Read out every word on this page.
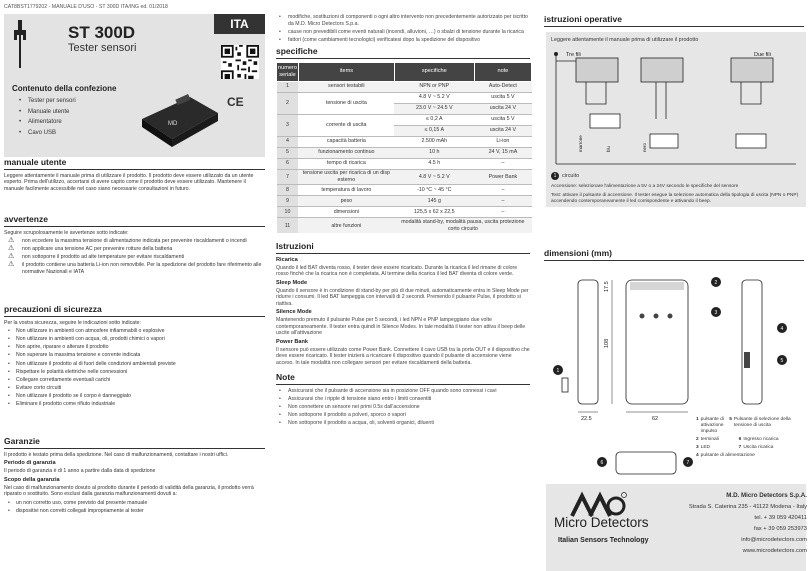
CAT8BST1779202 - MANUALE D'USO - ST 300D ITA/ING ed. 01/2018
ST 300D
Tester sensori
ITA
Contenuto della confezione
• Tester per sensori
• Manuale utente
• Alimentatore
• Cavo USB
MD
CE
manuale utente

Leggere attentamente il manuale prima di utilizzare il prodotto. Il prodotto deve essere utilizzato da un utente esperto. Prima dell'utilizzo, accertarsi di avere capito come il prodotto deve essere utilizzato. Mantenere il manuale facilmente accessibile nel caso siano necessarie consultazioni in futuro.

avvertenze

Seguire scrupolosamente le avvertenze sotto indicate:

⚠ non eccedere la massima tensione di alimentazione indicata per prevenire riscaldamenti o incendi
⚠ non applicare una tensione AC per prevenire rotture della batteria
⚠ non sottoporre il prodotto ad alte temperature per evitare riscaldamenti
⚠ il prodotto contiene una batteria Li-ion non removibile. Per la spedizione del prodotto fare riferimento alle normative Nazionali e IATA
precauzioni di sicurezza

Per la vostra sicurezza, seguire le indicazioni sotto indicate:

• Non utilizzare in ambienti con atmosfere infiammabili o esplosive
• Non utilizzare in ambienti con acqua, oli, prodotti chimici o vapori
• Non aprire, riparare o alterare il prodotto
• Non superare la massima tensione e corrente indicata
• Non utilizzare il prodotto al di fuori delle condizioni ambientali previste
• Rispettare le polarità elettriche nelle connessioni
• Collegare correttamente eventuali carichi
• Evitare corto circuiti
• Non utilizzare il prodotto se il corpo è danneggiato
• Eliminare il prodotto come rifiuto industriale
Garanzie

Il prodotto è testato prima della spedizione. Nel caso di malfunzionamenti, contattare i nostri uffici.

Periodo di garanzia

Il periodo di garanzia è di 1 anno a partire dalla data di spedizione

Scopo della garanzia

Nel caso di malfunzionamento dovuto al prodotto durante il periodo di validità della garanzia, il prodotto verrà riparato o sostituito. Sono esclusi dalla garanzia malfunzionamenti dovuti a:

• un non corretto uso, come previsto dal presente manuale
• dispositivi non corretti collegati impropriamente al tester
• modifiche, sostituzioni di componenti o ogni altro intervento non precedentemente autorizzato per iscritto da M.D. Micro Detectors S.p.a.
• cause non prevedibili come eventi naturali (incendi, alluvioni, …) o sbalzi di tensione durante la ricarica
• fattori (come cambiamenti tecnologici) verificatesi dopo la spedizione del dispositivo
specifiche
numero seriale	items	specifiche	note
1	sensori testabili	NPN or PNP	Auto-Detect
2	tensione di uscita	4.8 V ~ 5.2 V	uscita 5 V
		23.0 V ~ 24.5 V	uscita 24 V
3	corrente di uscita	≤ 0,2 A	uscita 5 V
		≤ 0,15 A	uscita 24 V
4	capacità batteria	2.500 mAh	Li-ion
5	funzionamento continuo	10 h	24 V, 15 mA
6	tempo di ricarica	4.5 h	–
7	tensione uscita per ricarica di un disp esterno	4.8 V ~ 5.2 V	Power Bank
8	temperatura di lavoro	-10 °C ~ 45 °C	–
9	peso	145 g	–
10	dimensioni	125,5 x 62 x 22,5	–
11	altre funzioni	modalità stand-by, modalità pausa, uscita protezione corto circuito	
Istruzioni
Ricarica
Quando il led BAT diventa rosso, il tester deve essere ricaricato. Durante la ricarica il led rimane di colore rosso finchè che la ricarica non è completata. Al termine della ricarica il led BAT diventa di colore verde.
Sleep Mode
Quando il sensore è in condizione di stand-by per più di due minuti, automaticamente entra in Sleep Mode per ridurre i consumi. Il led BAT lampeggia con intervalli di 2 secondi. Premendo il pulsante Pulse, il prodotto si riattiva.
Silence Mode
Mantenendo premuto il pulsante Pulse per 5 secondi, i led NPN e PNP lampeggiano due volte contemporaneamente. Il tester entra quindi in Silence Modes. In tale modalità il tester non attiva il beep delle uscite all'attivazione
Power Bank
Il sensore può essere utilizzato come Power Bank. Connettere il cavo USB tra la porta OUT e il dispositivo che deve essere ricaricato. Il tester inizierà a ricaricare il dispositivo quando il pulsante di accensione viene acceso. In tale modalità non collegare sensori per evitare riscaldamenti della batteria.
Note
• Assicurarsi che il pulsante di accensione sia in posizione OFF quando sono connessi i cavi
• Assicurarsi che i ripple di tensione siano entro i limiti consentiti
• Non connettere un sensore nei primi 0.5s dall'accensione
• Non sottoporre il prodotto a polveri, sporco o vapori
• Non sottoporre il prodotto a acqua, oli, solventi organici, diluenti
istruzioni operative
Leggere attentamente il manuale prima di utilizzare il prodotto
Tre fili	Due fili
marrone	nero
blu
1	circuito
Accensione: selezionare l'alimentazione a 5V o a 24V secondo le specifiche del sensore
Test: attivare il pulsante di accensione. Il tester esegue la selezione automatica della tipologia di uscita (NPN o PNP) accendendo contemporaneamente il led corrispondente e attivando il beep.
dimensioni (mm)
17.5
108
22.5	62
2
3
4
5
1
6	7
1 pulsante di attivazione impulso
5 Pulsante di selezione della tensione di uscita
2 terminali	6 Ingresso ricarica
3 LED	7 Uscita ricarica
4 pulsante di alimentazione
Micro Detectors
Italian Sensors Technology
M.D. Micro Detectors S.p.A.
Strada S. Caterina 235 - 41122 Modena - Italy
tel. + 39 059 420411
fax + 39 059 253973
info@microdetectors.com
www.microdetectors.com
